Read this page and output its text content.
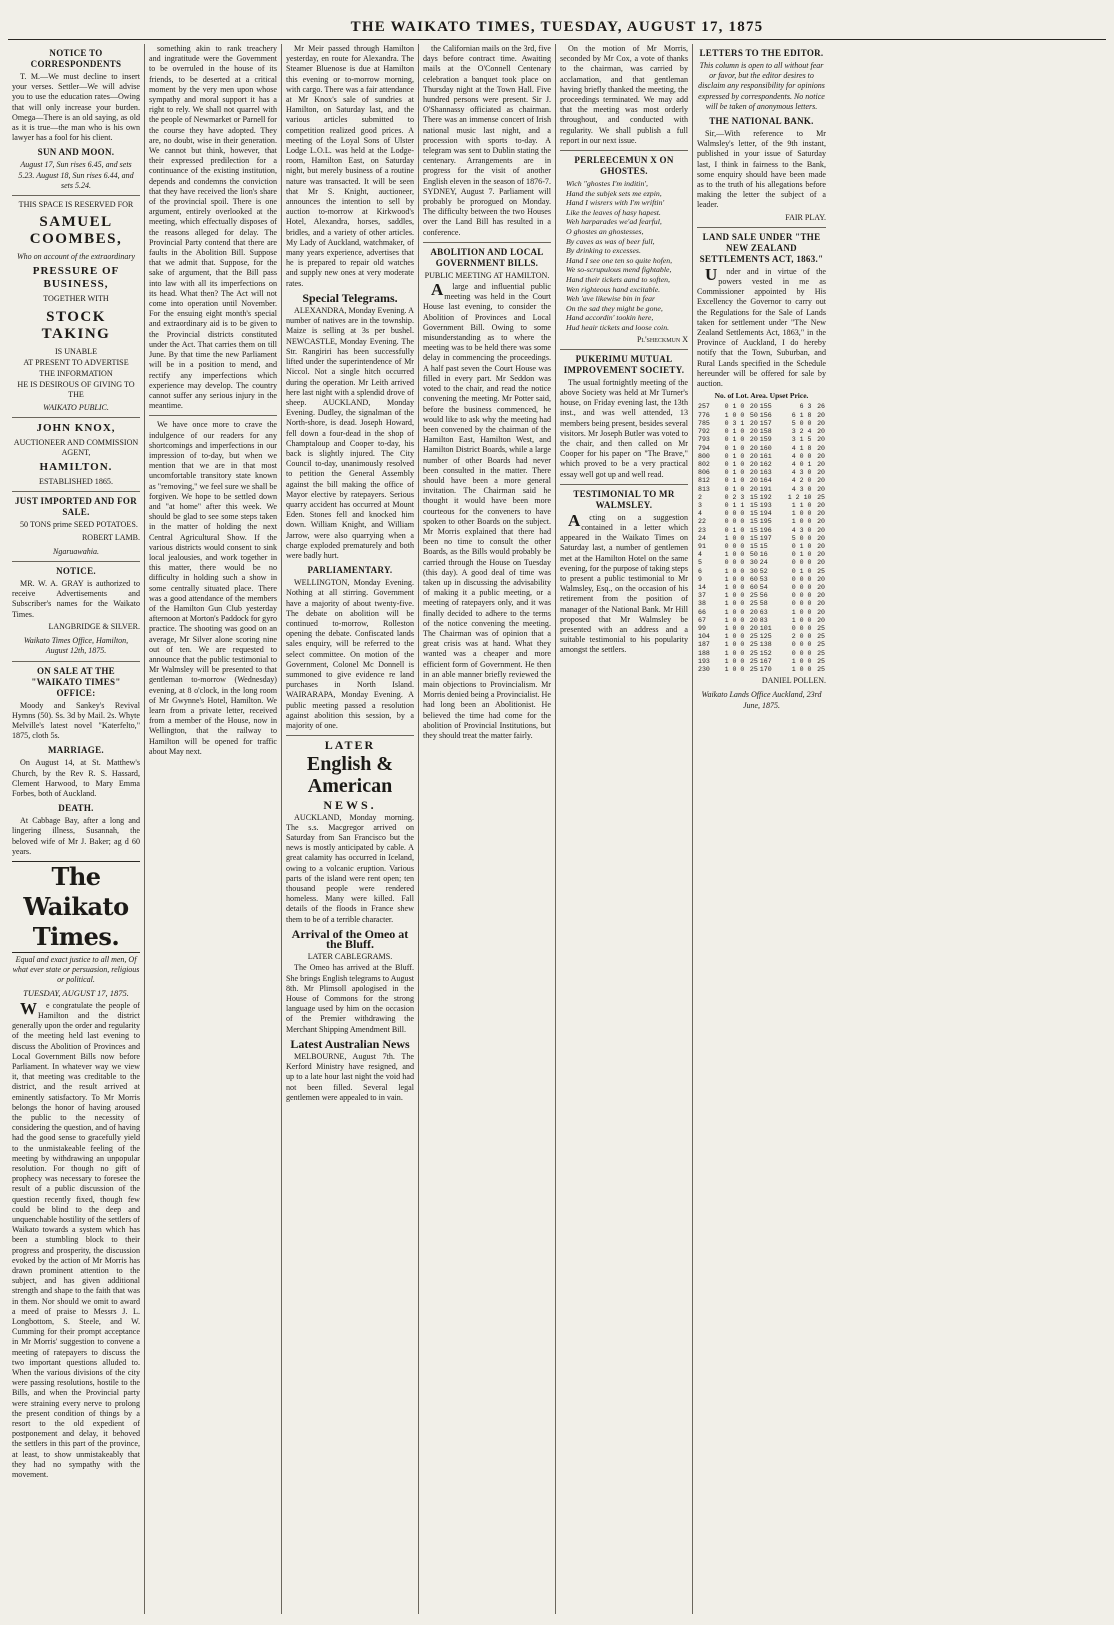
THE WAIKATO TIMES, TUESDAY, AUGUST 17, 1875
NOTICE TO CORRESPONDENTS
T. M.—We must decline to insert your verses. Settler—We will advise you to use the education rates—Owing that will only increase your burden. Omega—There is an old saying, as old as it is true—the man who is his own lawyer has a fool for his client.
SUN AND MOON.
August 17, Sun rises 6.45, and sets 5.23. August 18, Sun rises 6.44, and sets 5.24.
THIS SPACE IS RESERVED FOR
SAMUEL COOMBES,
Who on account of the extraordinary
PRESSURE OF BUSINESS,
TOGETHER WITH
STOCK TAKING
IS UNABLE
AT PRESENT TO ADVERTISE
THE INFORMATION
HE IS DESIROUS OF GIVING TO THE
WAIKATO PUBLIC.
JOHN KNOX,
AUCTIONEER AND COMMISSION AGENT,
HAMILTON.
ESTABLISHED 1865.
JUST IMPORTED AND FOR SALE.
50 TONS prime SEED POTATOES.
ROBERT LAMB.
Ngaruawahia.
NOTICE.
MR. W. A. GRAY is authorized to receive Advertisements and Subscriber's names for the Waikato Times.
LANGBRIDGE & SILVER.
Waikato Times Office, Hamilton, August 12th, 1875.
ON SALE AT THE "WAIKATO TIMES" OFFICE:
Moody and Sankey's Revival Hymns (50). Ss. 3d by Mail. 2s. Whyte Melville's latest novel "Katerfelto," 1875, cloth 5s.
MARRIAGE.
On August 14, at St. Matthew's Church, by the Rev R. S. Hassard, Clement Harwood, to Mary Emma Forbes, both of Auckland.
DEATH.
At Cabbage Bay, after a long and lingering illness, Susannah, the beloved wife of Mr J. Baker; ag d 60 years.
The Waikato Times.
Equal and exact justice to all men, Of what ever state or persuasion, religious or political.
TUESDAY, AUGUST 17, 1875.
We congratulate the people of Hamilton and the district generally upon the order and regularity of the meeting held last evening to discuss the Abolition of Provinces and Local Government Bills now before Parliament. In whatever way we view it, that meeting was creditable to the district, and the result arrived at eminently satisfactory. To Mr Morris belongs the honor of having aroused the public to the necessity of considering the question, and of having had the good sense to gracefully yield to the unmistakeable feeling of the meeting by withdrawing an unpopular resolution. For though no gift of prophecy was necessary to foresee the result of a public discussion of the question recently fixed, though few could be blind to the deep and unquenchable hostility of the settlers of Waikato towards a system which has been a stumbling block to their progress and prosperity, the discussion evoked by the action of Mr Morris has drawn prominent attention to the subject, and has given additional strength and shape to the faith that was in them. Nor should we omit to award a meed of praise to Messrs J. L. Longbottom, S. Steele, and W. Cumming for their prompt acceptance in Mr Morris' suggestion to convene a meeting of ratepayers to discuss the two important questions alluded to. When the various divisions of the city were passing resolutions, hostile to the Bills, and when the Provincial party were straining every nerve to prolong the present condition of things by a resort to the old expedient of postponement and delay, it behoved the settlers in this part of the province, at least, to show unmistakeably that they had no sympathy with the movement.
something akin to rank treachery and ingratitude were the Government to be overruled in the house of its friends, to be deserted at a critical moment by the very men upon whose sympathy and moral support it has a right to rely. We shall not quarrel with the people of Newmarket or Parnell for the course they have adopted. They are, no doubt, wise in their generation. We cannot but think, however, that their expressed predilection for a continuance of the existing institution, depends and condemns the conviction that they have received the lion's share of the provincial spoil. There is one argument, entirely overlooked at the meeting, which effectually disposes of the reasons alleged for delay. The Provincial Party contend that there are faults in the Abolition Bill. Suppose that we admit that. Suppose, for the sake of argument, that the Bill pass into law with all its imperfections on its head. What then? The Act will not come into operation until November. For the ensuing eight month's special and extraordinary aid is to be given to the Provincial districts constituted under the Act. That carries them on till June. By that time the new Parliament will be in a position to mend, and rectify any imperfections which experience may develop. The country cannot suffer any serious injury in the meantime.
We have once more to crave the indulgence of our readers for any shortcomings and imperfections in our impression of to-day, but when we mention that we are in that most uncomfortable transitory state known as "removing," we feel sure we shall be forgiven. We hope to be settled down and "at home" after this week. We should be glad to see some steps taken in the matter of holding the next Central Agricultural Show. If the various districts would consent to sink local jealousies, and work together in this matter, there would be no difficulty in holding such a show in some centrally situated place. There was a good attendance of the members of the Hamilton Gun Club yesterday afternoon at Morton's Paddock for gyro practice. The shooting was good on an average, Mr Silver alone scoring nine out of ten. We are requested to announce that the public testimonial to Mr Walmsley will be presented to that gentleman to-morrow (Wednesday) evening, at 8 o'clock, in the long room of Mr Gwynne's Hotel, Hamilton. We learn from a private letter, received from a member of the House, now in Wellington, that the railway to Hamilton will be opened for traffic about May next.
Mr Meir passed through Hamilton yesterday, en route for Alexandra. The Steamer Bluenose is due at Hamilton this evening or to-morrow morning, with cargo. There was a fair attendance at Mr Knox's sale of sundries at Hamilton, on Saturday last, and the various articles submitted to competition realized good prices. A meeting of the Loyal Sons of Ulster Lodge L.O.L. was held at the Lodge-room, Hamilton East, on Saturday night, but merely business of a routine nature was transacted. It will be seen that Mr S. Knight, auctioneer, announces the intention to sell by auction to-morrow at Kirkwood's Hotel, Alexandra, horses, saddles, bridles, and a variety of other articles. My Lady of Auckland, watchmaker, of many years experience, advertises that he is prepared to repair old watches and supply new ones at very moderate rates.
Special Telegrams.
ALEXANDRA, Monday Evening. A number of natives are in the township. Maize is selling at 3s per bushel. NEWCASTLE, Monday Evening. The Str. Rangiriri has been successfully lifted under the superintendence of Mr Niccol. Not a single hitch occurred during the operation. Mr Leith arrived here last night with a splendid drove of sheep. AUCKLAND, Monday Evening. Dudley, the signalman of the North-shore, is dead. Joseph Howard, fell down a four-dead in the shop of Champtaloup and Cooper to-day, his back is slightly injured. The City Council to-day, unanimously resolved to petition the General Assembly against the bill making the office of Mayor elective by ratepayers. Serious quarry accident has occurred at Mount Eden. Stones fell and knocked him down. William Knight, and William Jarrow, were also quarrying when a charge exploded prematurely and both were badly hurt.
PARLIAMENTARY.
WELLINGTON, Monday Evening. Nothing at all stirring. Government have a majority of about twenty-five. The debate on abolition will be continued to-morrow, Rolleston opening the debate. Confiscated lands sales enquiry, will be referred to the select committee. On motion of the Government, Colonel Mc Donnell is summoned to give evidence re land purchases in North Island. WAIRARAPA, Monday Evening. A public meeting passed a resolution against abolition this session, by a majority of one.
LATER
English & American
NEWS.
AUCKLAND, Monday morning. The s.s. Macgregor arrived on Saturday from San Francisco but the news is mostly anticipated by cable. A great calamity has occurred in Iceland, owing to a volcanic eruption. Various parts of the island were rent open; ten thousand people were rendered homeless. Many were killed. Fall details of the floods in France shew them to be of a terrible character.
Arrival of the Omeo at the Bluff.
LATER CABLEGRAMS.
The Omeo has arrived at the Bluff. She brings English telegrams to August 8th. Mr Plimsoll apologised in the House of Commons for the strong language used by him on the occasion of the Premier withdrawing the Merchant Shipping Amendment Bill.
Latest Australian News
MELBOURNE, August 7th. The Kerford Ministry have resigned, and up to a late hour last night the void had not been filled. Several legal gentlemen were appealed to in vain.
the Californian mails on the 3rd, five days before contract time. Awaiting mails at the O'Connell Centenary celebration a banquet took place on Thursday night at the Town Hall. Five hundred persons were present. Sir J. O'Shannassy officiated as chairman. There was an immense concert of Irish national music last night, and a procession with sports to-day. A telegram was sent to Dublin stating the centenary. Arrangements are in progress for the visit of another English eleven in the season of 1876-7. SYDNEY, August 7. Parliament will probably be prorogued on Monday. The difficulty between the two Houses over the Land Bill has resulted in a conference.
ABOLITION AND LOCAL GOVERNMENT BILLS.
PUBLIC MEETING AT HAMILTON.
Alarge and influential public meeting was held in the Court House last evening, to consider the Abolition of Provinces and Local Government Bill. Owing to some misunderstanding as to where the meeting was to be held there was some delay in commencing the proceedings. A half past seven the Court House was filled in every part. Mr Seddon was voted to the chair, and read the notice convening the meeting. Mr Potter said, before the business commenced, he would like to ask why the meeting had been convened by the chairman of the Hamilton East, Hamilton West, and Hamilton District Boards, while a large number of other Boards had never been consulted in the matter. There should have been a more general invitation. The Chairman said he thought it would have been more courteous for the conveners to have spoken to other Boards on the subject. Mr Morris explained that there had been no time to consult the other Boards, as the Bills would probably be carried through the House on Tuesday (this day). A good deal of time was taken up in discussing the advisability of making it a public meeting, or a meeting of ratepayers only, and it was finally decided to adhere to the terms of the notice convening the meeting. The Chairman was of opinion that a great crisis was at hand. What they wanted was a cheaper and more efficient form of Government. He then in an able manner briefly reviewed the main objections to Provincialism. Mr Morris denied being a Provincialist. He had long been an Abolitionist. He believed the time had come for the abolition of Provincial Institutions, but they should treat the matter fairly.
On the motion of Mr Morris, seconded by Mr Cox, a vote of thanks to the chairman, was carried by acclamation, and that gentleman having briefly thanked the meeting, the proceedings terminated. We may add that the meeting was most orderly throughout, and conducted with regularity. We shall publish a full report in our next issue.
PERLEECEMUN X ON GHOSTES.
Wich "ghostes I'm inditin',
Hand the subjek sets me ezpin,
Hand I wisrers with I'm wriftin'
Like the leaves of hasy hapest.
Weh harparades we'ad fearful,
O ghostes an ghostesses,
By caves as was of beer full,
By drinking to excesses.
Hand I see one ten so quite hofen,
We so-scrupulous mend fightable,
Hand their tickets aand to soften,
Wen righteous hand excitable.
Weh 'ave likewise bin in fear
On the sad they might be gone,
Hand accordin' tookin here,
Hud heair tickets and loose coin.
Pl'sheckmun X
PUKERIMU MUTUAL IMPROVEMENT SOCIETY.
The usual fortnightly meeting of the above Society was held at Mr Turner's house, on Friday evening last, the 13th inst., and was well attended, 13 members being present, besides several visitors. Mr Joseph Butler was voted to the chair, and then called on Mr Cooper for his paper on "The Brave," which proved to be a very practical essay well got up and well read.
TESTIMONIAL TO MR WALMSLEY.
Acting on a suggestion contained in a letter which appeared in the Waikato Times on Saturday last, a number of gentlemen met at the Hamilton Hotel on the same evening, for the purpose of taking steps to present a public testimonial to Mr Walmsley, Esq., on the occasion of his retirement from the position of manager of the National Bank. Mr Hill proposed that Mr Walmsley be presented with an address and a suitable testimonial to his popularity amongst the settlers.
LETTERS TO THE EDITOR.
This column is open to all without fear or favor, but the editor desires to disclaim any responsibility for opinions expressed by correspondents. No notice will be taken of anonymous letters.
THE NATIONAL BANK.
Sir,—With reference to Mr Walmsley's letter, of the 9th instant, published in your issue of Saturday last, I think in fairness to the Bank, some enquiry should have been made as to the truth of his allegations before making the letter the subject of a leader.
FAIR PLAY.
LAND SALE UNDER "THE NEW ZEALAND SETTLEMENTS ACT, 1863."
Under and in virtue of the powers vested in me as Commissioner appointed by His Excellency the Governor to carry out the Regulations for the Sale of Lands taken for settlement under "The New Zealand Settlements Act, 1863," in the Province of Auckland, I do hereby notify that the Town, Suburban, and Rural Lands specified in the Schedule hereunder will be offered for sale by auction.
No. of Lot. Area. Upset Price.
257	0 1 0	20	155	6 3	26
776	1 0 0	50	156	6 1 8	20
785	0 3 1	20	157	5 0 0	20
792	0 1 0	20	158	3 2 4	20
793	0 1 0	20	159	3 1 5	20
794	0 1 0	20	160	4 1 8	20
800	0 1 0	20	161	4 0 0	20
802	0 1 0	20	162	4 0 1	20
806	0 1 0	20	163	4 3 0	20
812	0 1 0	20	164	4 2 0	20
813	0 1 0	20	191	4 3 0	20
2	0 2 3	15	192	1 2 10	25
3	0 1 1	15	193	1 1 0	20
4	0 0 0	15	194	1 0 0	20
22	0 0 0	15	195	1 0 0	20
23	0 1 0	15	196	4 3 0	20
24	1 0 0	15	197	5 0 0	20
91	0 0 0	15	15	0 1 0	20
4	1 0 0	50	16	0 1 0	20
5	0 0 0	30	24	0 0 0	20
6	1 0 0	30	52	0 1 0	25
9	1 0 0	60	53	0 0 0	20
14	1 0 0	60	54	0 0 0	20
37	1 0 0	25	56	0 0 0	20
38	1 0 0	25	58	0 0 0	20
66	1 0 0	20	63	1 0 0	20
67	1 0 0	20	83	1 0 0	20
99	1 0 0	20	101	0 0 0	25
104	1 0 0	25	125	2 0 0	25
187	1 0 0	25	138	0 0 0	25
188	1 0 0	25	152	0 0 0	25
193	1 0 0	25	167	1 0 0	25
230	1 0 0	25	170	1 0 0	25
DANIEL POLLEN.
Waikato Lands Office Auckland, 23rd June, 1875.
